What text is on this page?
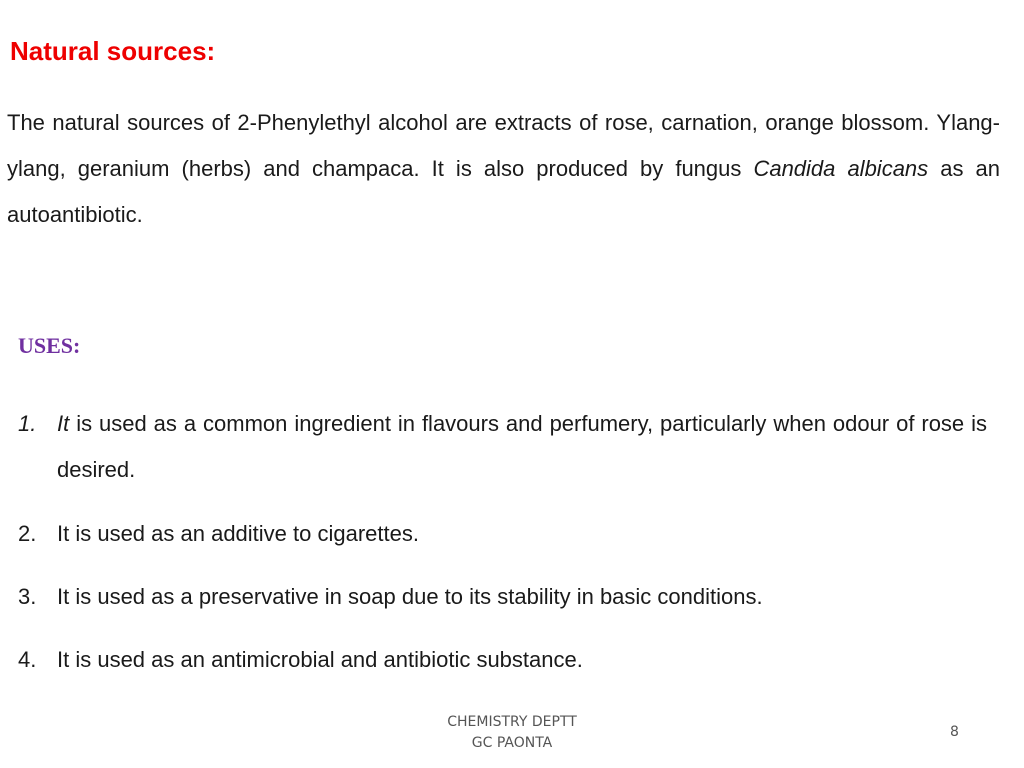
Natural sources:

The natural sources of 2-Phenylethyl alcohol are extracts of rose, carnation, orange blossom. Ylang-ylang, geranium (herbs) and champaca. It is also produced by fungus Candida albicans as an autoantibiotic.

USES:
1. It is used as a common ingredient in flavours and perfumery, particularly when odour of rose is desired.
2. It is used as an additive to cigarettes.
3. It is used as a preservative in soap due to its stability in basic conditions.
4. It is used as an antimicrobial and antibiotic substance.
CHEMISTRY DEPTT
GC PAONTA
8
